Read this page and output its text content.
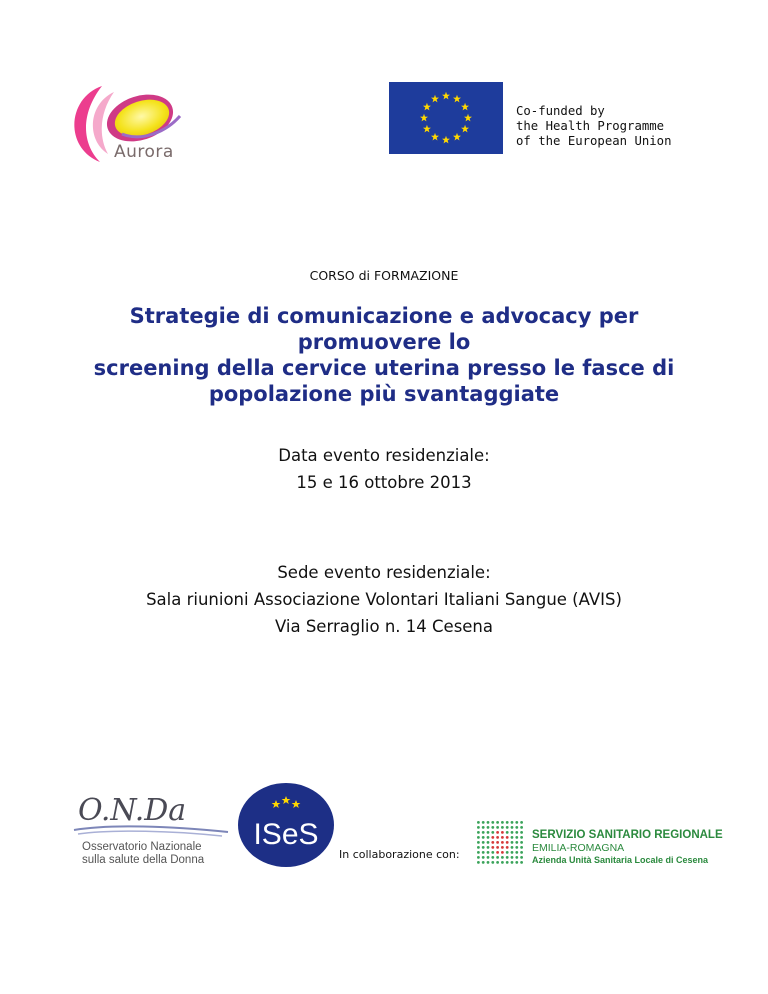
Aurora
Co-funded by
the Health Programme
of the European Union
CORSO di FORMAZIONE
Strategie di comunicazione e advocacy per promuovere lo
screening della cervice uterina presso le fasce di
popolazione più svantaggiate
Data evento residenziale:
15 e 16 ottobre 2013
Sede evento residenziale:
Sala riunioni Associazione Volontari Italiani Sangue (AVIS)
Via Serraglio n. 14 Cesena
O.N.Da
Osservatorio Nazionale
sulla salute della Donna
ISeS
In collaborazione con:
SERVIZIO SANITARIO REGIONALE
EMILIA-ROMAGNA
Azienda Unità Sanitaria Locale di Cesena
